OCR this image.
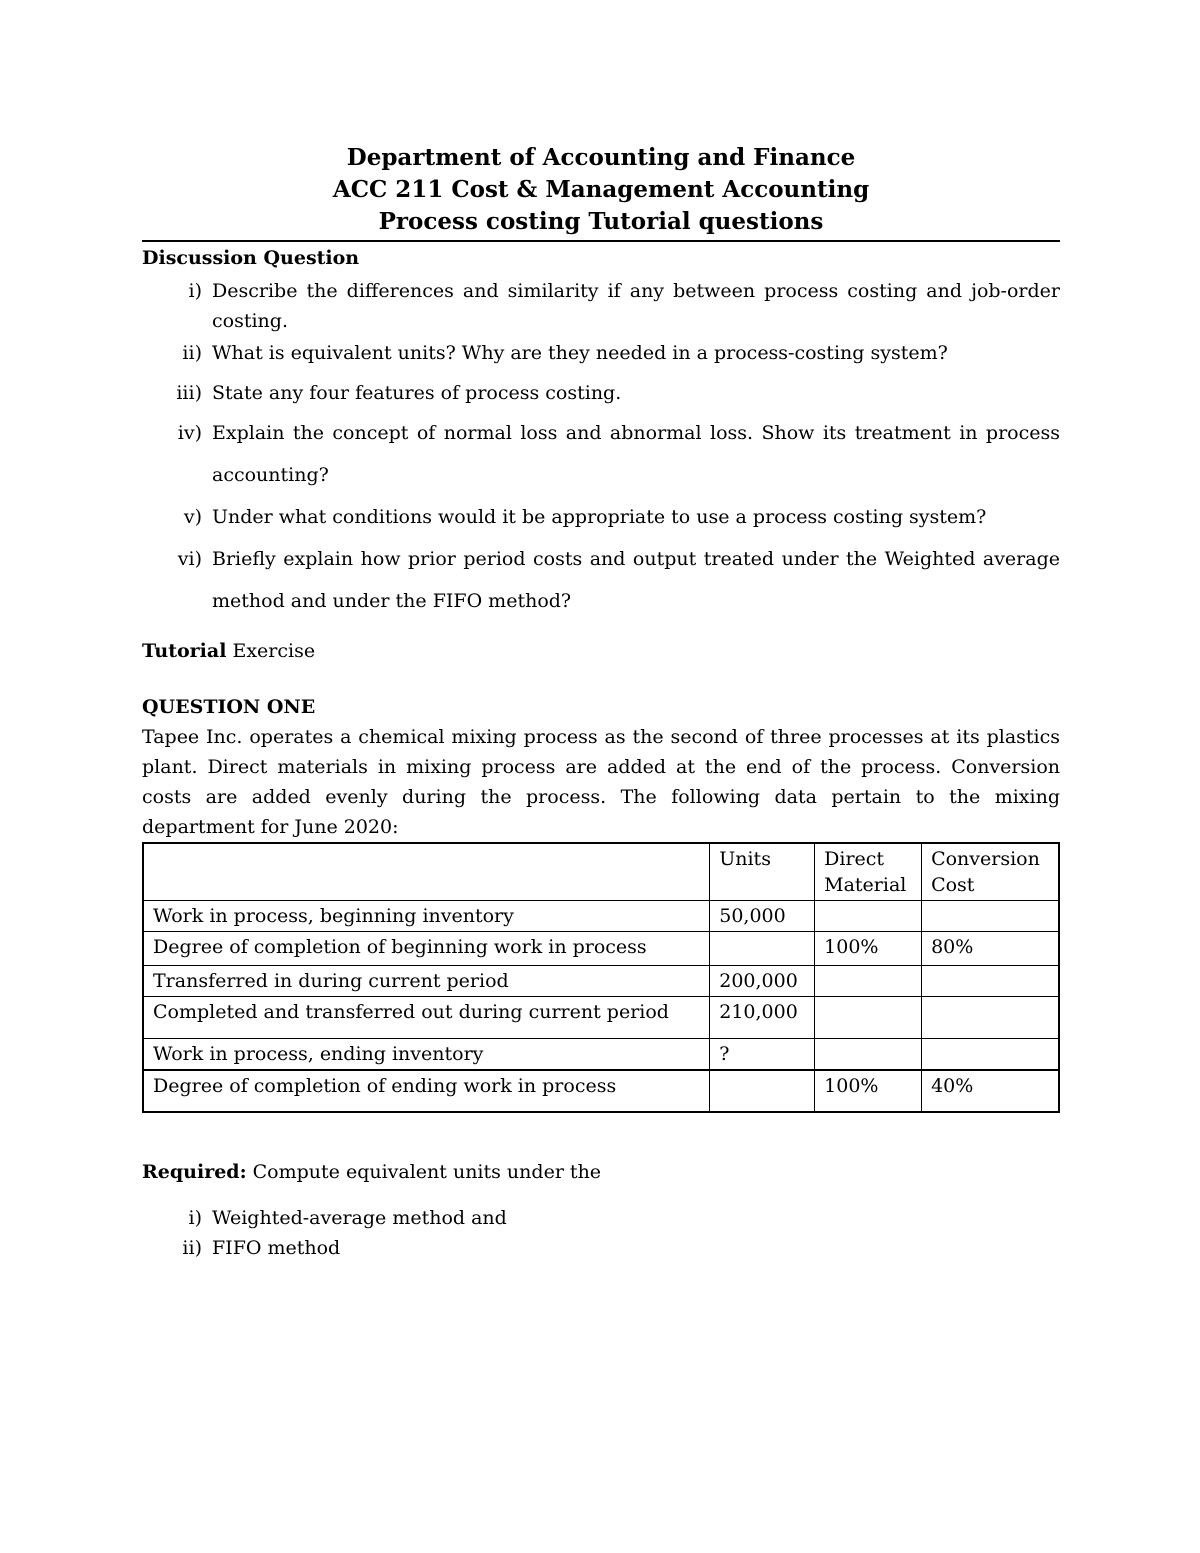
Department of Accounting and Finance
ACC 211 Cost & Management Accounting
Process costing Tutorial questions
Discussion Question
i) Describe the differences and similarity if any between process costing and job-order costing.
ii) What is equivalent units? Why are they needed in a process-costing system?
iii) State any four features of process costing.
iv) Explain the concept of normal loss and abnormal loss. Show its treatment in process accounting?
v) Under what conditions would it be appropriate to use a process costing system?
vi) Briefly explain how prior period costs and output treated under the Weighted average method and under the FIFO method?
Tutorial Exercise
QUESTION ONE
Tapee Inc. operates a chemical mixing process as the second of three processes at its plastics plant. Direct materials in mixing process are added at the end of the process. Conversion costs are added evenly during the process. The following data pertain to the mixing department for June 2020:
	Units	Direct Material	Conversion Cost
Work in process, beginning inventory	50,000		
Degree of completion of beginning work in process		100%	80%
Transferred in during current period	200,000		
Completed and transferred out during current period	210,000		
Work in process, ending inventory	?		
Degree of completion of ending work in process		100%	40%
Required: Compute equivalent units under the
i) Weighted-average method and
ii) FIFO method
